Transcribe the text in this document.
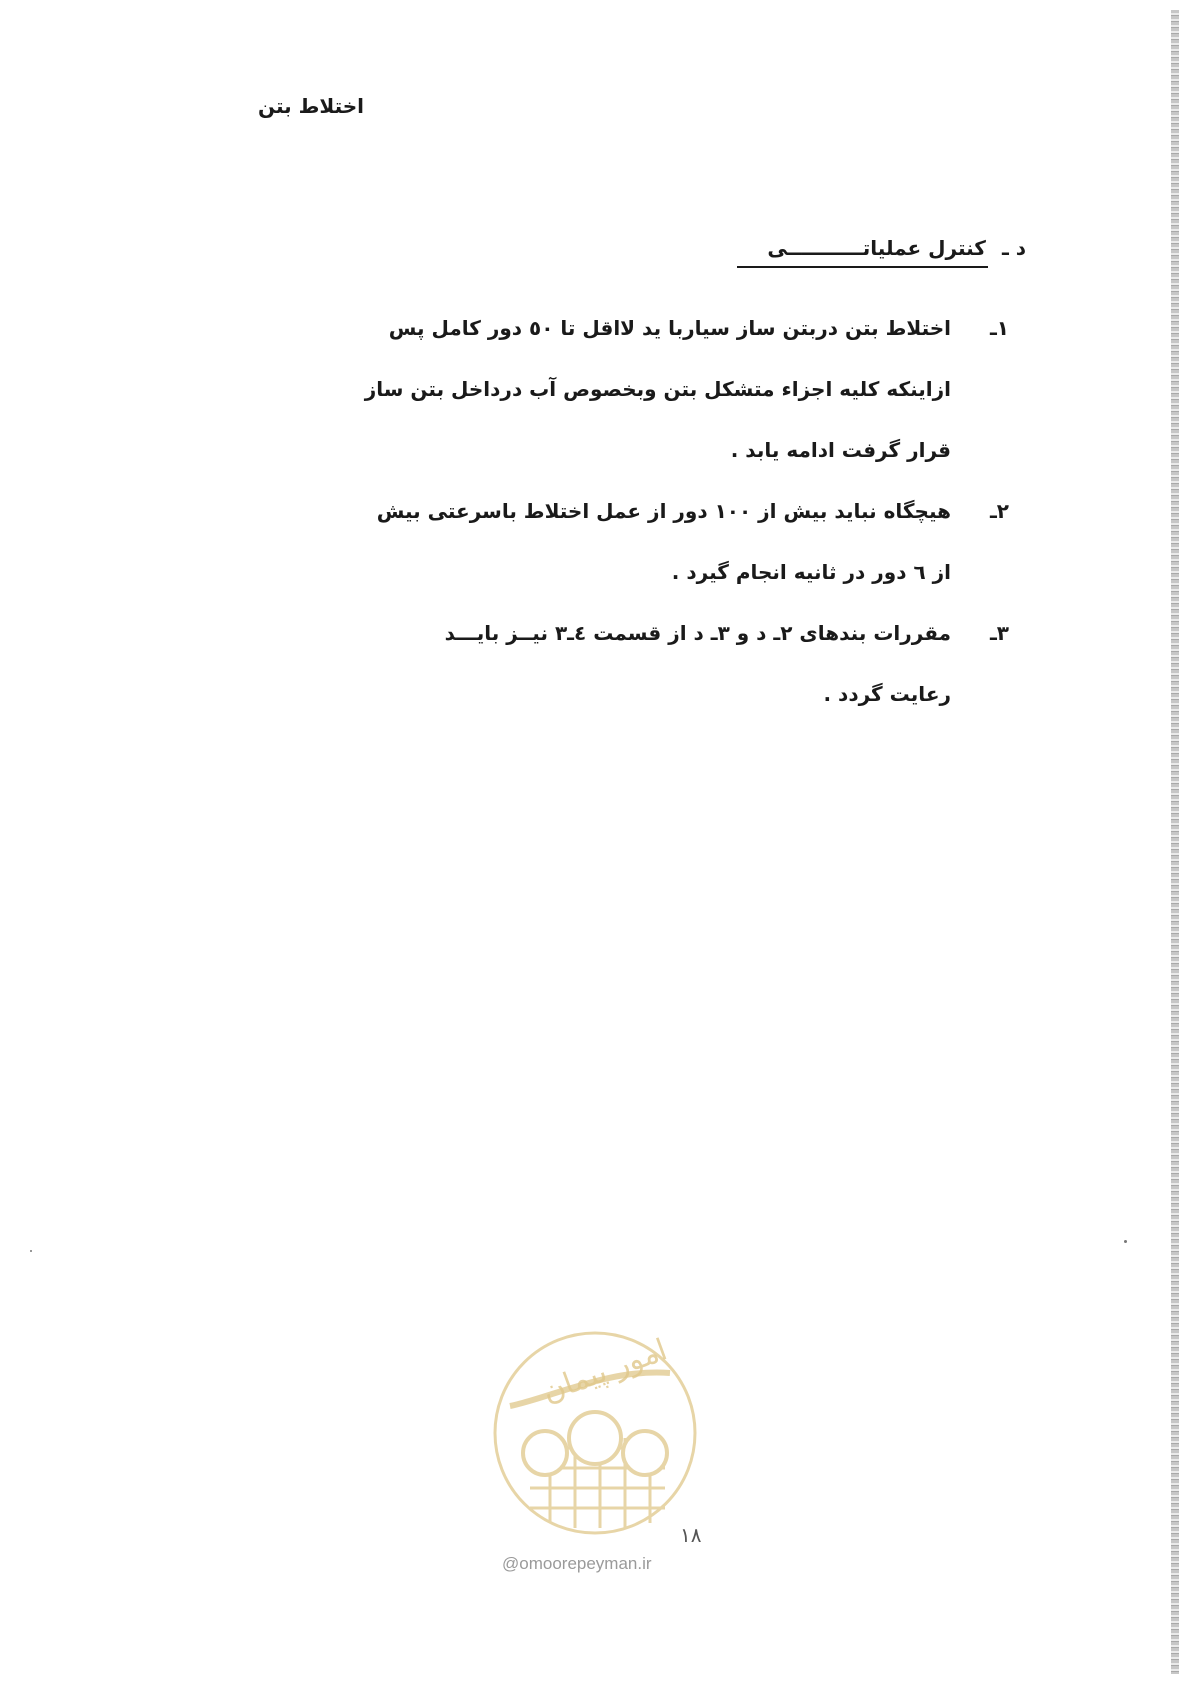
اختلاط بتن
د ـکنترل عملیاتـــــــــــی
۱ـ
اختلاط بتن دربتن ساز سیاربا ید لااقل تا ٥٠ دور کامل پس
ازاینکه کلیه اجزاء متشکل بتن وبخصوص آب درداخل بتن ساز
قرار گرفت ادامه یابد .
۲ـ
هیچگاه نباید بیش از ۱۰۰ دور از عمل اختلاط باسرعتی بیش
از ٦ دور در ثانیه انجام گیرد .
۳ـ
مقررات بندهای ۲ـ د و ۳ـ د از قسمت ٤ـ۳ نیــز بایـــد
رعایت گردد .
امور پیمان
۱۸
@omoorepeyman.ir
